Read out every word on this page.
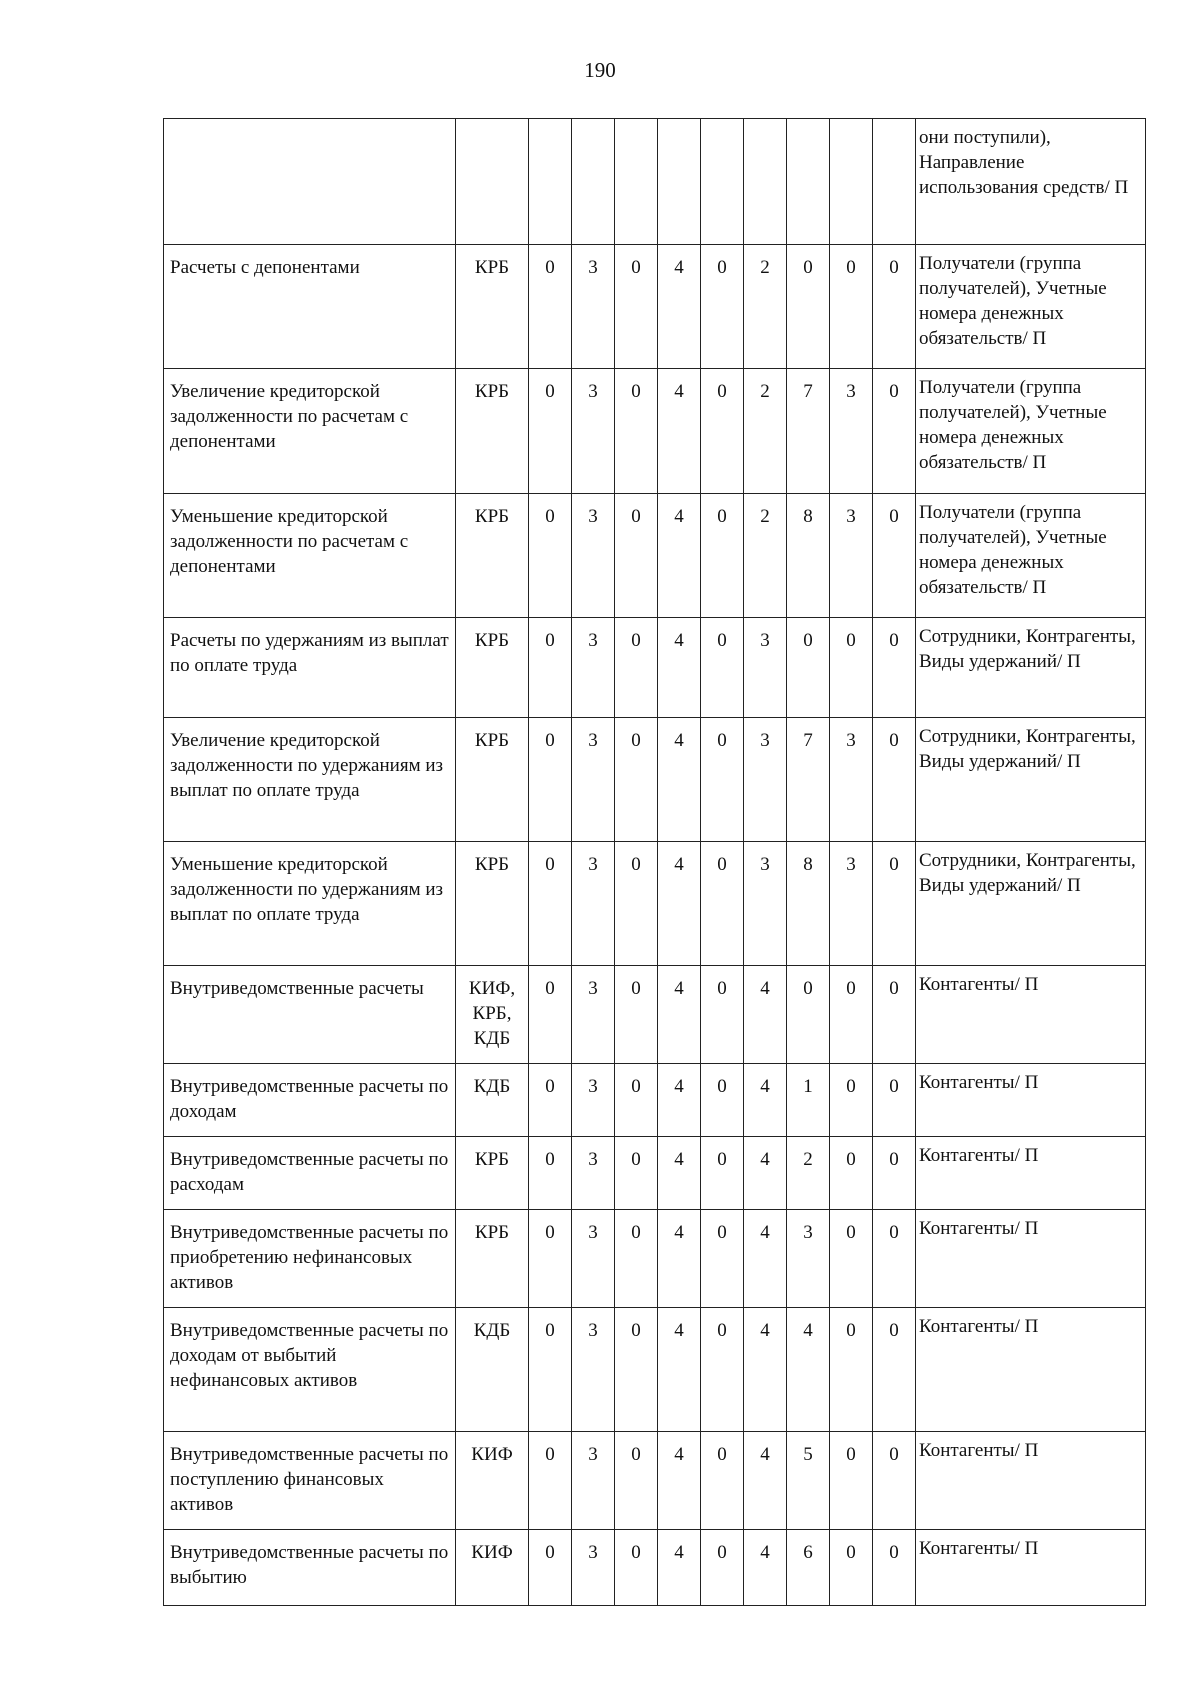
190
											они поступили), Направление использования средств/ П
Расчеты с депонентами	КРБ	0	3	0	4	0	2	0	0	0	Получатели (группа получателей), Учетные номера денежных обязательств/ П
Увеличение кредиторской задолженности по расчетам с депонентами	КРБ	0	3	0	4	0	2	7	3	0	Получатели (группа получателей), Учетные номера денежных обязательств/ П
Уменьшение кредиторской задолженности по расчетам с депонентами	КРБ	0	3	0	4	0	2	8	3	0	Получатели (группа получателей), Учетные номера денежных обязательств/ П
Расчеты по удержаниям из выплат по оплате труда	КРБ	0	3	0	4	0	3	0	0	0	Сотрудники, Контрагенты, Виды удержаний/ П
Увеличение кредиторской задолженности по удержаниям из выплат по оплате труда	КРБ	0	3	0	4	0	3	7	3	0	Сотрудники, Контрагенты, Виды удержаний/ П
Уменьшение кредиторской задолженности по удержаниям из выплат по оплате труда	КРБ	0	3	0	4	0	3	8	3	0	Сотрудники, Контрагенты, Виды удержаний/ П
Внутриведомственные расчеты	КИФ, КРБ, КДБ	0	3	0	4	0	4	0	0	0	Контагенты/ П
Внутриведомственные расчеты по доходам	КДБ	0	3	0	4	0	4	1	0	0	Контагенты/ П
Внутриведомственные расчеты по расходам	КРБ	0	3	0	4	0	4	2	0	0	Контагенты/ П
Внутриведомственные расчеты по приобретению нефинансовых активов	КРБ	0	3	0	4	0	4	3	0	0	Контагенты/ П
Внутриведомственные расчеты по доходам от выбытий нефинансовых активов	КДБ	0	3	0	4	0	4	4	0	0	Контагенты/ П
Внутриведомственные расчеты по поступлению финансовых активов	КИФ	0	3	0	4	0	4	5	0	0	Контагенты/ П
Внутриведомственные расчеты по выбытию	КИФ	0	3	0	4	0	4	6	0	0	Контагенты/ П
